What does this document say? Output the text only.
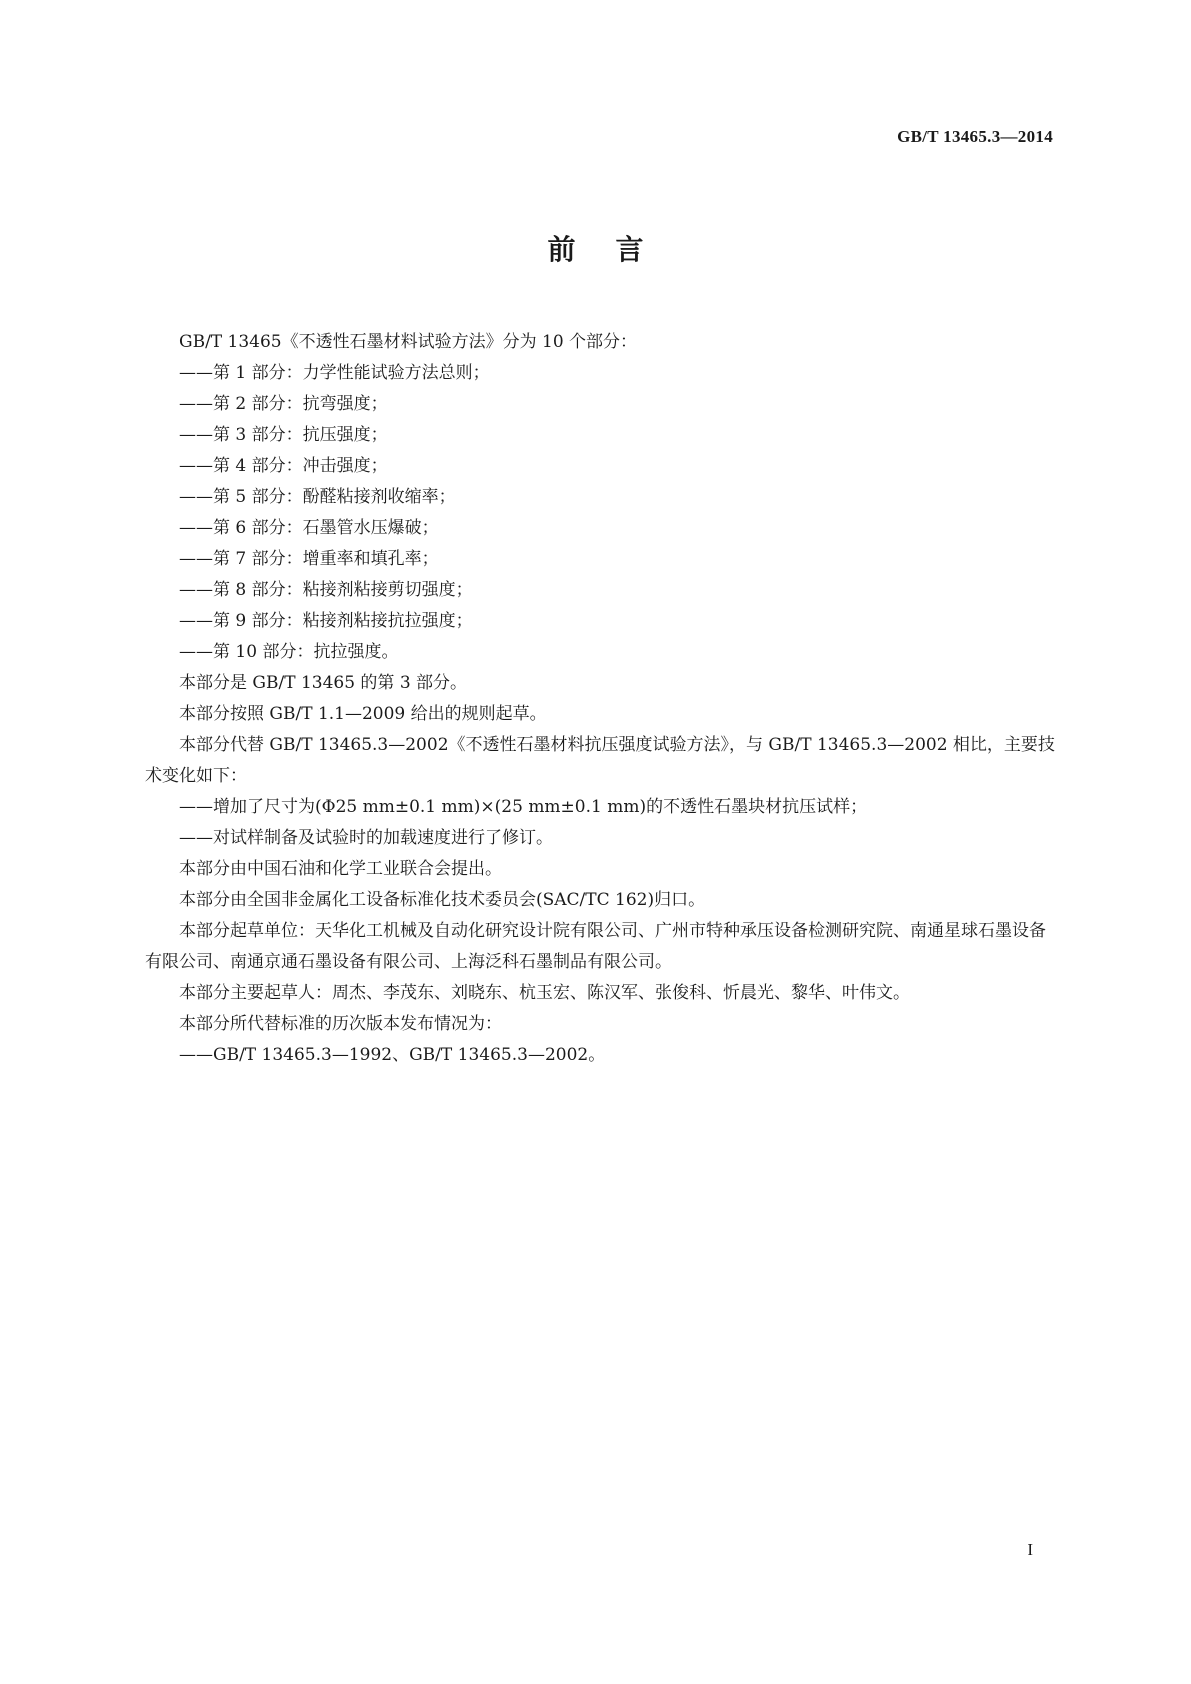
GB/T 13465.3—2014
前言

GB/T 13465《不透性石墨材料试验方法》分为 10 个部分：

——第 1 部分：力学性能试验方法总则；

——第 2 部分：抗弯强度；

——第 3 部分：抗压强度；

——第 4 部分：冲击强度；

——第 5 部分：酚醛粘接剂收缩率；

——第 6 部分：石墨管水压爆破；

——第 7 部分：增重率和填孔率；

——第 8 部分：粘接剂粘接剪切强度；

——第 9 部分：粘接剂粘接抗拉强度；

——第 10 部分：抗拉强度。

本部分是 GB/T 13465 的第 3 部分。

本部分按照 GB/T 1.1—2009 给出的规则起草。

本部分代替 GB/T 13465.3—2002《不透性石墨材料抗压强度试验方法》，与 GB/T 13465.3—2002 相比，主要技术变化如下：

——增加了尺寸为(Φ25 mm±0.1 mm)×(25 mm±0.1 mm)的不透性石墨块材抗压试样；

——对试样制备及试验时的加载速度进行了修订。

本部分由中国石油和化学工业联合会提出。

本部分由全国非金属化工设备标准化技术委员会(SAC/TC 162)归口。

本部分起草单位：天华化工机械及自动化研究设计院有限公司、广州市特种承压设备检测研究院、南通星球石墨设备有限公司、南通京通石墨设备有限公司、上海泛科石墨制品有限公司。

本部分主要起草人：周杰、李茂东、刘晓东、杭玉宏、陈汉军、张俊科、忻晨光、黎华、叶伟文。

本部分所代替标准的历次版本发布情况为：

——GB/T 13465.3—1992、GB/T 13465.3—2002。

I
